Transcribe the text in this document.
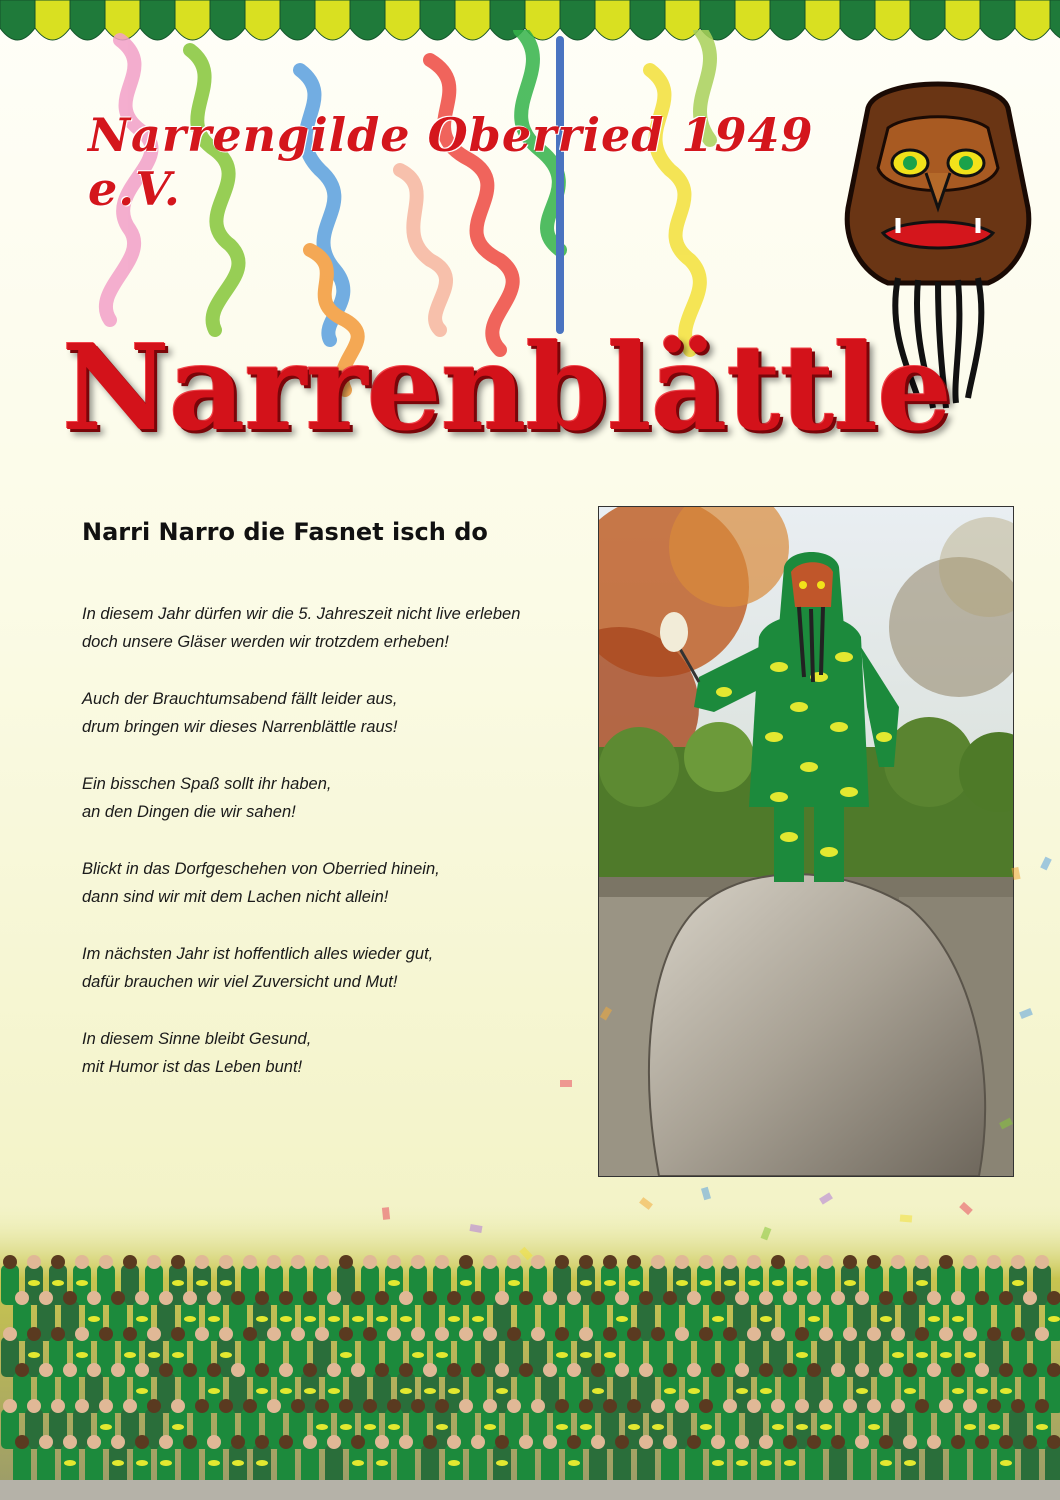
Narrengilde Oberried 1949 e.V.
Narrenblättle
Narri Narro die Fasnet isch do
In diesem Jahr dürfen wir die 5. Jahreszeit nicht live erleben
doch unsere Gläser werden wir trotzdem erheben!
Auch der Brauchtumsabend fällt leider aus,
drum bringen wir dieses Narrenblättle raus!
Ein bisschen Spaß sollt ihr haben,
an den Dingen die wir sahen!
Blickt in das Dorfgeschehen von Oberried hinein,
dann sind wir mit dem Lachen nicht allein!
Im nächsten Jahr ist hoffentlich alles wieder gut,
dafür brauchen wir viel Zuversicht und Mut!
In diesem Sinne bleibt Gesund,
mit Humor ist das Leben bunt!
